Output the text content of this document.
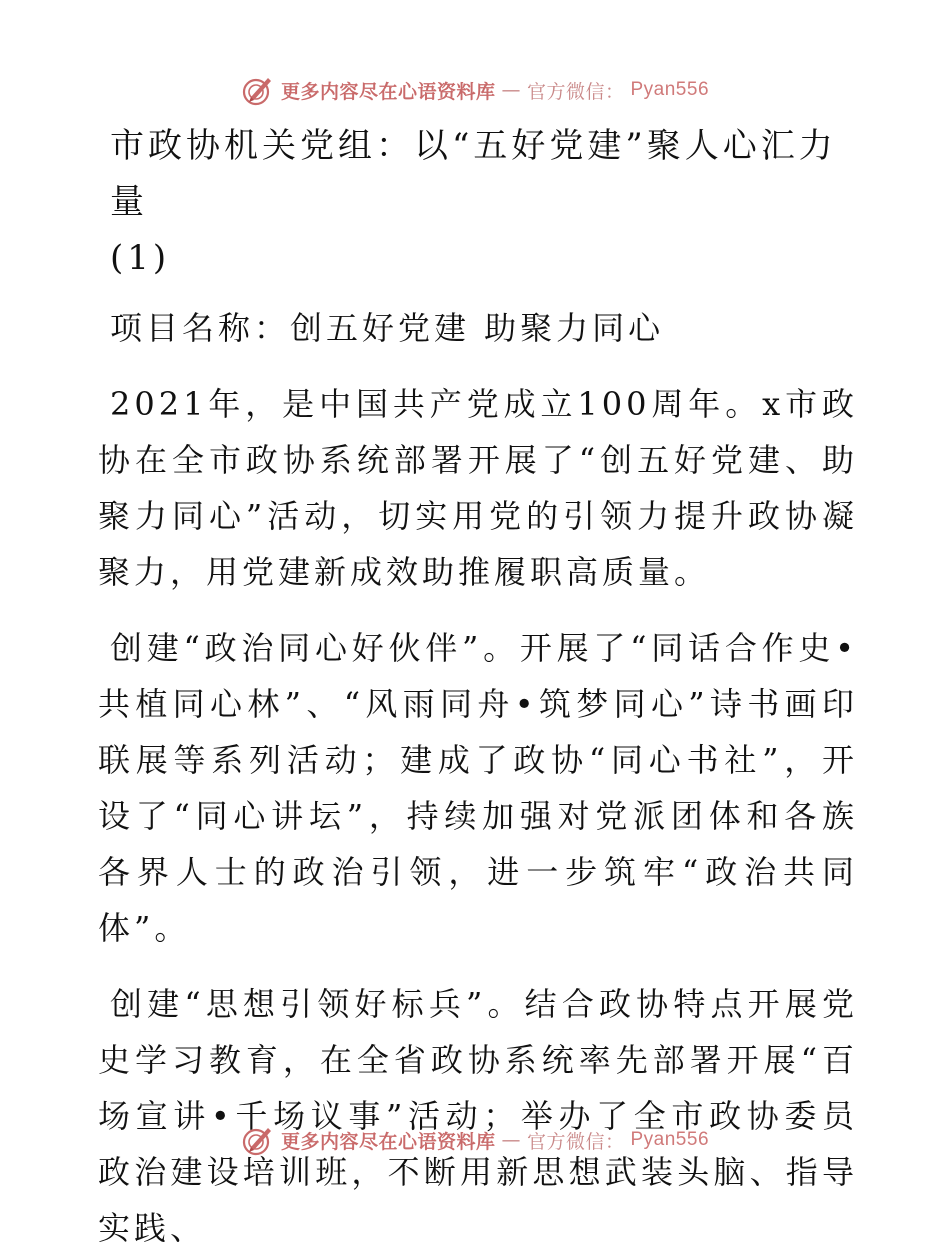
更多内容尽在心语资料库 — 官方微信： Pyan556
市政协机关党组：以“五好党建”聚人心汇力量
(1)

项目名称：创五好党建 助聚力同心

2021年，是中国共产党成立100周年。x市政协在全市政协系统部署开展了“创五好党建、助聚力同心”活动，切实用党的引领力提升政协凝聚力，用党建新成效助推履职高质量。

创建“政治同心好伙伴”。开展了“同话合作史•共植同心林”、“风雨同舟•筑梦同心”诗书画印联展等系列活动；建成了政协“同心书社”，开设了“同心讲坛”，持续加强对党派团体和各族各界人士的政治引领，进一步筑牢“政治共同体”。

创建“思想引领好标兵”。结合政协特点开展党史学习教育，在全省政协系统率先部署开展“百场宣讲•千场议事”活动；举办了全市政协委员政治建设培训班，不断用新思想武装头脑、指导实践、

更多内容尽在心语资料库 — 官方微信： Pyan556
